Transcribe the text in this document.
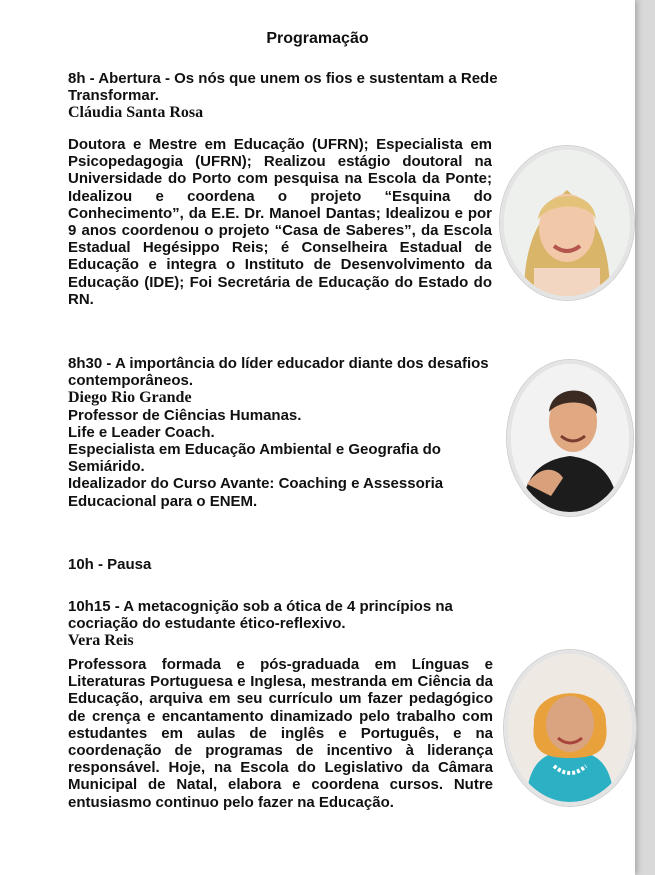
Programação

8h - Abertura - Os nós que unem os fios e sustentam a Rede Transformar.

Cláudia Santa Rosa

Doutora e Mestre em Educação (UFRN); Especialista em Psicopedagogia (UFRN); Realizou estágio doutoral na Universidade do Porto com pesquisa na Escola da Ponte; Idealizou e coordena o projeto “Esquina do Conhecimento”, da E.E. Dr. Manoel Dantas; Idealizou e por 9 anos coordenou o projeto “Casa de Saberes”, da Escola Estadual Hegésippo Reis; é Conselheira Estadual de Educação e integra o Instituto de Desenvolvimento da Educação (IDE); Foi Secretária de Educação do Estado do RN.

8h30 - A importância do líder educador diante dos desafios contemporâneos.

Diego Rio Grande

Professor de Ciências Humanas.

Life e Leader Coach.

Especialista em Educação Ambiental e Geografia do Semiárido.

Idealizador do Curso Avante: Coaching e Assessoria Educacional para o ENEM.

10h - Pausa

10h15 - A metacognição sob a ótica de 4 princípios na cocriação do estudante ético-reflexivo.

Vera Reis

Professora formada e pós-graduada em Línguas e Literaturas Portuguesa e Inglesa, mestranda em Ciência da Educação, arquiva em seu currículo um fazer pedagógico de crença e encantamento dinamizado pelo trabalho com estudantes em aulas de inglês e Português, e na coordenação de programas de incentivo à liderança responsável. Hoje, na Escola do Legislativo da Câmara Municipal de Natal, elabora e coordena cursos. Nutre entusiasmo continuo pelo fazer na Educação.
